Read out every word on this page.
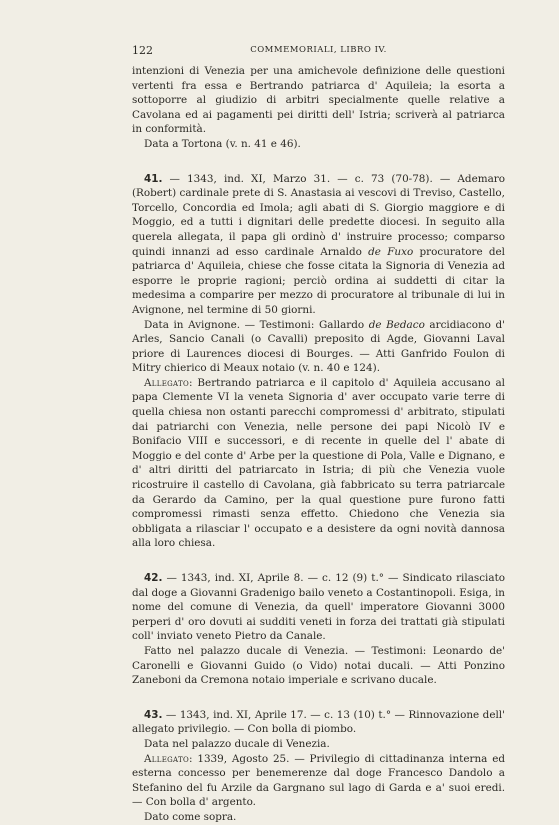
122	COMMEMORIALI, LIBRO IV.

intenzioni di Venezia per una amichevole definizione delle questioni vertenti fra essa e Bertrando patriarca d' Aquileia; la esorta a sottoporre al giudizio di arbitri specialmente quelle relative a Cavolana ed ai pagamenti pei diritti dell' Istria; scriverà al patriarca in conformità.

Data a Tortona (v. n. 41 e 46).

41. — 1343, ind. XI, Marzo 31. — c. 73 (70-78). — Ademaro (Robert) cardinale prete di S. Anastasia ai vescovi di Treviso, Castello, Torcello, Concordia ed Imola; agli abati di S. Giorgio maggiore e di Moggio, ed a tutti i dignitari delle predette diocesi. In seguito alla querela allegata, il papa gli ordinò d' instruire processo; comparso quindi innanzi ad esso cardinale Arnaldo de Fuxo procuratore del patriarca d' Aquileia, chiese che fosse citata la Signoria di Venezia ad esporre le proprie ragioni; perciò ordina ai suddetti di citar la medesima a comparire per mezzo di procuratore al tribunale di lui in Avignone, nel termine di 50 giorni.

Data in Avignone. — Testimoni: Gallardo de Bedaco arcidiacono d' Arles, Sancio Canali (o Cavalli) preposito di Agde, Giovanni Laval priore di Laurences diocesi di Bourges. — Atti Ganfrido Foulon di Mitry chierico di Meaux notaio (v. n. 40 e 124).

Allegato: Bertrando patriarca e il capitolo d' Aquileia accusano al papa Clemente VI la veneta Signoria d' aver occupato varie terre di quella chiesa non ostanti parecchi compromessi d' arbitrato, stipulati dai patriarchi con Venezia, nelle persone dei papi Nicolò IV e Bonifacio VIII e successori, e di recente in quelle del l' abate di Moggio e del conte d' Arbe per la questione di Pola, Valle e Dignano, e d' altri diritti del patriarcato in Istria; di più che Venezia vuole ricostruire il castello di Cavolana, già fabbricato su terra patriarcale da Gerardo da Camino, per la qual questione pure furono fatti compromessi rimasti senza effetto. Chiedono che Venezia sia obbligata a rilasciar l' occupato e a desistere da ogni novità dannosa alla loro chiesa.

42. — 1343, ind. XI, Aprile 8. — c. 12 (9) t.° — Sindicato rilasciato dal doge a Giovanni Gradenigo bailo veneto a Costantinopoli. Esiga, in nome del comune di Venezia, da quell' imperatore Giovanni 3000 perperi d' oro dovuti ai sudditi veneti in forza dei trattati già stipulati coll' inviato veneto Pietro da Canale.

Fatto nel palazzo ducale di Venezia. — Testimoni: Leonardo de' Caronelli e Giovanni Guido (o Vido) notai ducali. — Atti Ponzino Zaneboni da Cremona notaio imperiale e scrivano ducale.

43. — 1343, ind. XI, Aprile 17. — c. 13 (10) t.° — Rinnovazione dell' allegato privilegio. — Con bolla di piombo.

Data nel palazzo ducale di Venezia.

Allegato: 1339, Agosto 25. — Privilegio di cittadinanza interna ed esterna concesso per benemerenze dal doge Francesco Dandolo a Stefanino del fu Arzile da Gargnano sul lago di Garda e a' suoi eredi. — Con bolla d' argento.

Dato come sopra.
